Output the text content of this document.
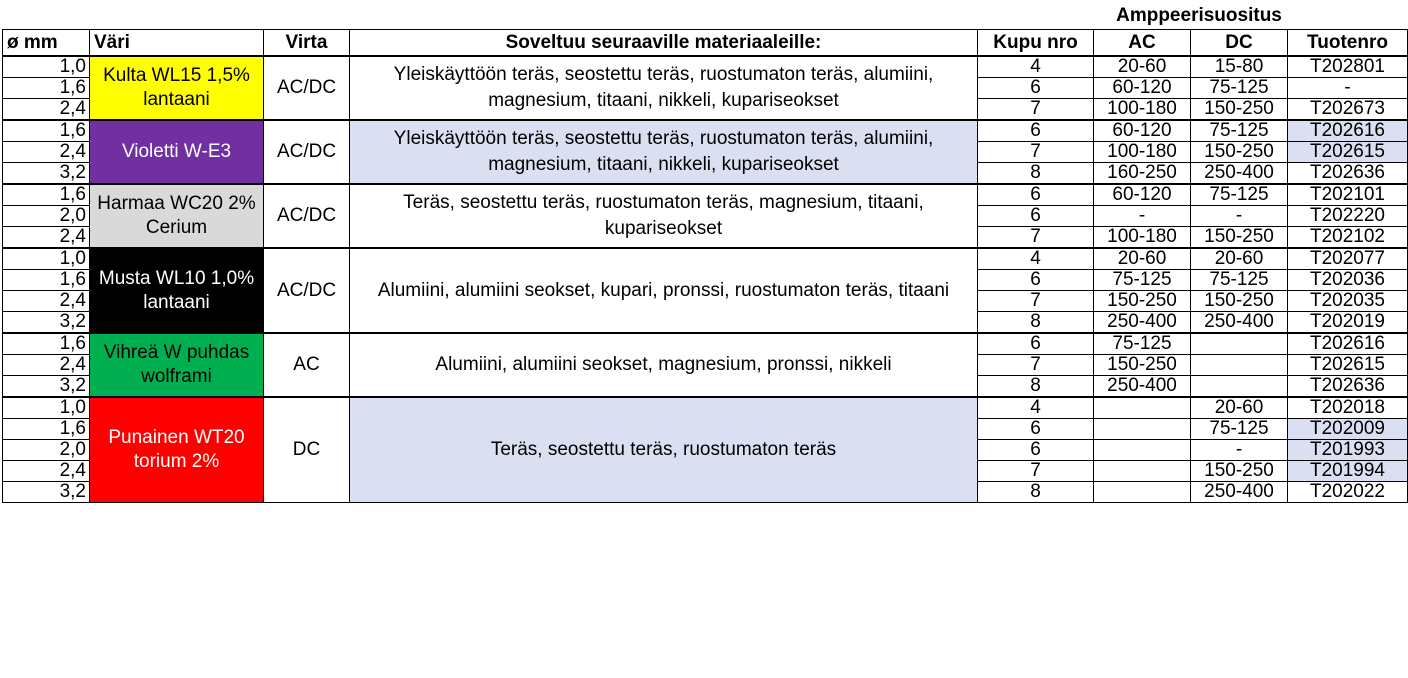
Amppeerisuositus
ø mm	Väri	Virta	Soveltuu seuraaville materiaaleille:	Kupu nro	AC	DC	Tuotenro
1,0	Kulta WL15 1,5% lantaani	AC/DC	Yleiskäyttöön teräs, seostettu teräs, ruostumaton teräs, alumiini, magnesium, titaani, nikkeli, kupariseokset	4	20-60	15-80	T202801
1,6				6	60-120	75-125	-
2,4				7	100-180	150-250	T202673
1,6	Violetti W-E3	AC/DC	Yleiskäyttöön teräs, seostettu teräs, ruostumaton teräs, alumiini, magnesium, titaani, nikkeli, kupariseokset	6	60-120	75-125	T202616
2,4				7	100-180	150-250	T202615
3,2				8	160-250	250-400	T202636
1,6	Harmaa WC20 2% Cerium	AC/DC	Teräs, seostettu teräs, ruostumaton teräs, magnesium, titaani, kupariseokset	6	60-120	75-125	T202101
2,0				6	-	-	T202220
2,4				7	100-180	150-250	T202102
1,0	Musta WL10 1,0% lantaani	AC/DC	Alumiini, alumiini seokset, kupari, pronssi, ruostumaton teräs, titaani	4	20-60	20-60	T202077
1,6				6	75-125	75-125	T202036
2,4				7	150-250	150-250	T202035
3,2				8	250-400	250-400	T202019
1,6	Vihreä W puhdas wolframi	AC	Alumiini, alumiini seokset, magnesium, pronssi, nikkeli	6	75-125		T202616
2,4				7	150-250		T202615
3,2				8	250-400		T202636
1,0	Punainen WT20 torium 2%	DC	Teräs, seostettu teräs, ruostumaton teräs	4		20-60	T202018
1,6				6		75-125	T202009
2,0				6		-	T201993
2,4				7		150-250	T201994
3,2				8		250-400	T202022
